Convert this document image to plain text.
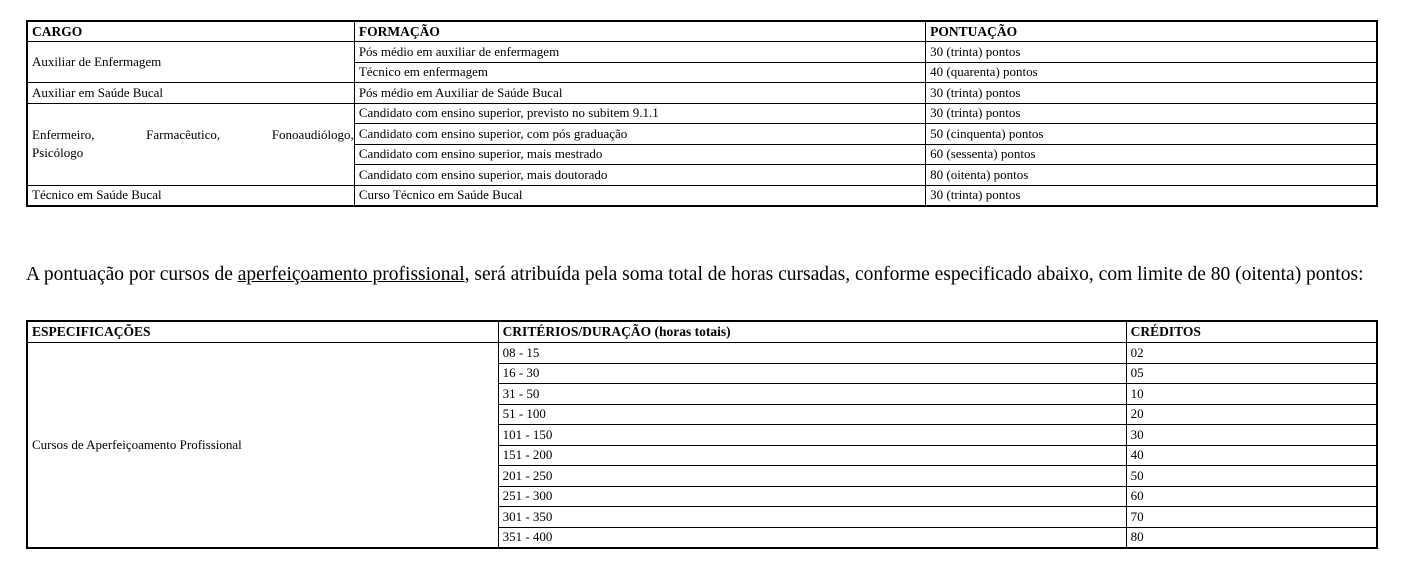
CARGO	FORMAÇÃO	PONTUAÇÃO
Auxiliar de Enfermagem	Pós médio em auxiliar de enfermagem	30 (trinta) pontos
	Técnico em enfermagem	40 (quarenta) pontos
Auxiliar em Saúde Bucal	Pós médio em Auxiliar de Saúde Bucal	30 (trinta) pontos

Enfermeiro, Farmacêutico, Fonoaudiólogo,
Psicólogo	Candidato com ensino superior, previsto no subitem 9.1.1	30 (trinta) pontos
	Candidato com ensino superior, com pós graduação	50 (cinquenta) pontos
	Candidato com ensino superior, mais mestrado	60 (sessenta) pontos
	Candidato com ensino superior, mais doutorado	80 (oitenta) pontos
Técnico em Saúde Bucal	Curso Técnico em Saúde Bucal	30 (trinta) pontos

A pontuação por cursos de aperfeiçoamento profissional, será atribuída pela soma total de horas cursadas, conforme especificado abaixo, com limite de 80 (oitenta) pontos:

ESPECIFICAÇÕES	CRITÉRIOS/DURAÇÃO (horas totais)	CRÉDITOS
Cursos de Aperfeiçoamento Profissional	08 - 15	02
	16 - 30	05
	31 - 50	10
	51 - 100	20
	101 - 150	30
	151 - 200	40
	201 - 250	50
	251 - 300	60
	301 - 350	70
	351 - 400	80
